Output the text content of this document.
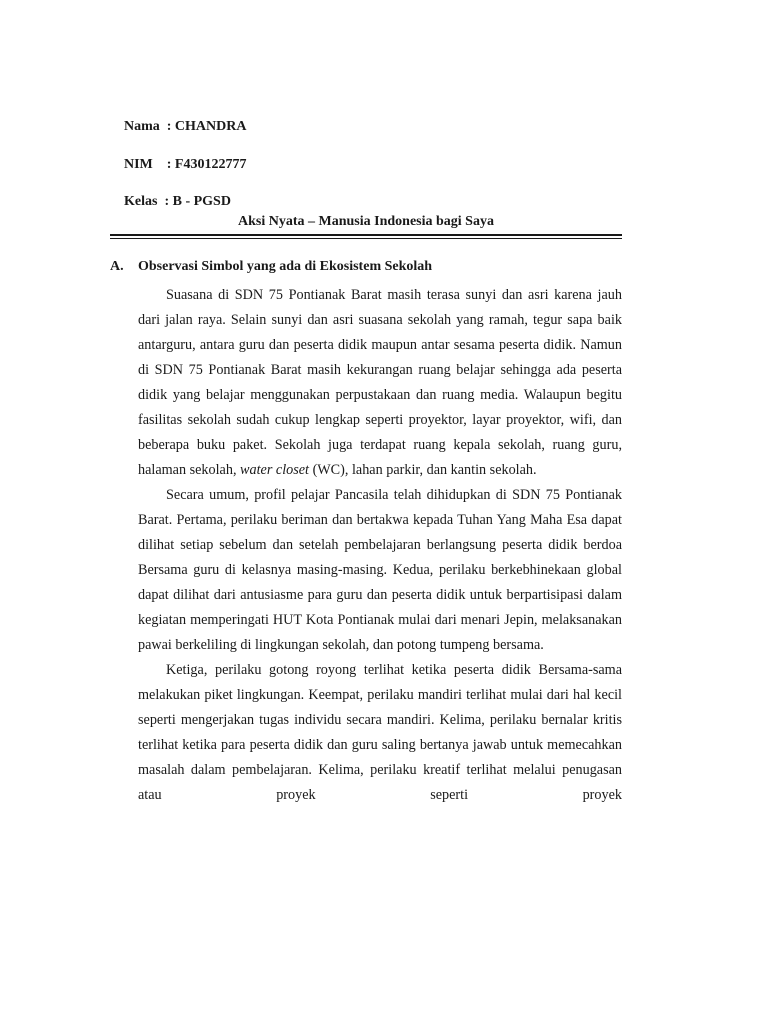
Nama  : CHANDRA

NIM    : F430122777

Kelas  : B - PGSD

Aksi Nyata – Manusia Indonesia bagi Saya
A. Observasi Simbol yang ada di Ekosistem Sekolah

Suasana di SDN 75 Pontianak Barat masih terasa sunyi dan asri karena jauh dari jalan raya. Selain sunyi dan asri suasana sekolah yang ramah, tegur sapa baik antarguru, antara guru dan peserta didik maupun antar sesama peserta didik. Namun di SDN 75 Pontianak Barat masih kekurangan ruang belajar sehingga ada peserta didik yang belajar menggunakan perpustakaan dan ruang media. Walaupun begitu fasilitas sekolah sudah cukup lengkap seperti proyektor, layar proyektor, wifi, dan beberapa buku paket. Sekolah juga terdapat ruang kepala sekolah, ruang guru, halaman sekolah, water closet (WC), lahan parkir, dan kantin sekolah.

Secara umum, profil pelajar Pancasila telah dihidupkan di SDN 75 Pontianak Barat. Pertama, perilaku beriman dan bertakwa kepada Tuhan Yang Maha Esa dapat dilihat setiap sebelum dan setelah pembelajaran berlangsung peserta didik berdoa Bersama guru di kelasnya masing-masing. Kedua, perilaku berkebhinekaan global dapat dilihat dari antusiasme para guru dan peserta didik untuk berpartisipasi dalam kegiatan memperingati HUT Kota Pontianak mulai dari menari Jepin, melaksanakan pawai berkeliling di lingkungan sekolah, dan potong tumpeng bersama.

Ketiga, perilaku gotong royong terlihat ketika peserta didik Bersama-sama melakukan piket lingkungan. Keempat, perilaku mandiri terlihat mulai dari hal kecil seperti mengerjakan tugas individu secara mandiri. Kelima, perilaku bernalar kritis terlihat ketika para peserta didik dan guru saling bertanya jawab untuk memecahkan masalah dalam pembelajaran. Kelima, perilaku kreatif terlihat melalui penugasan atau proyek seperti proyek
